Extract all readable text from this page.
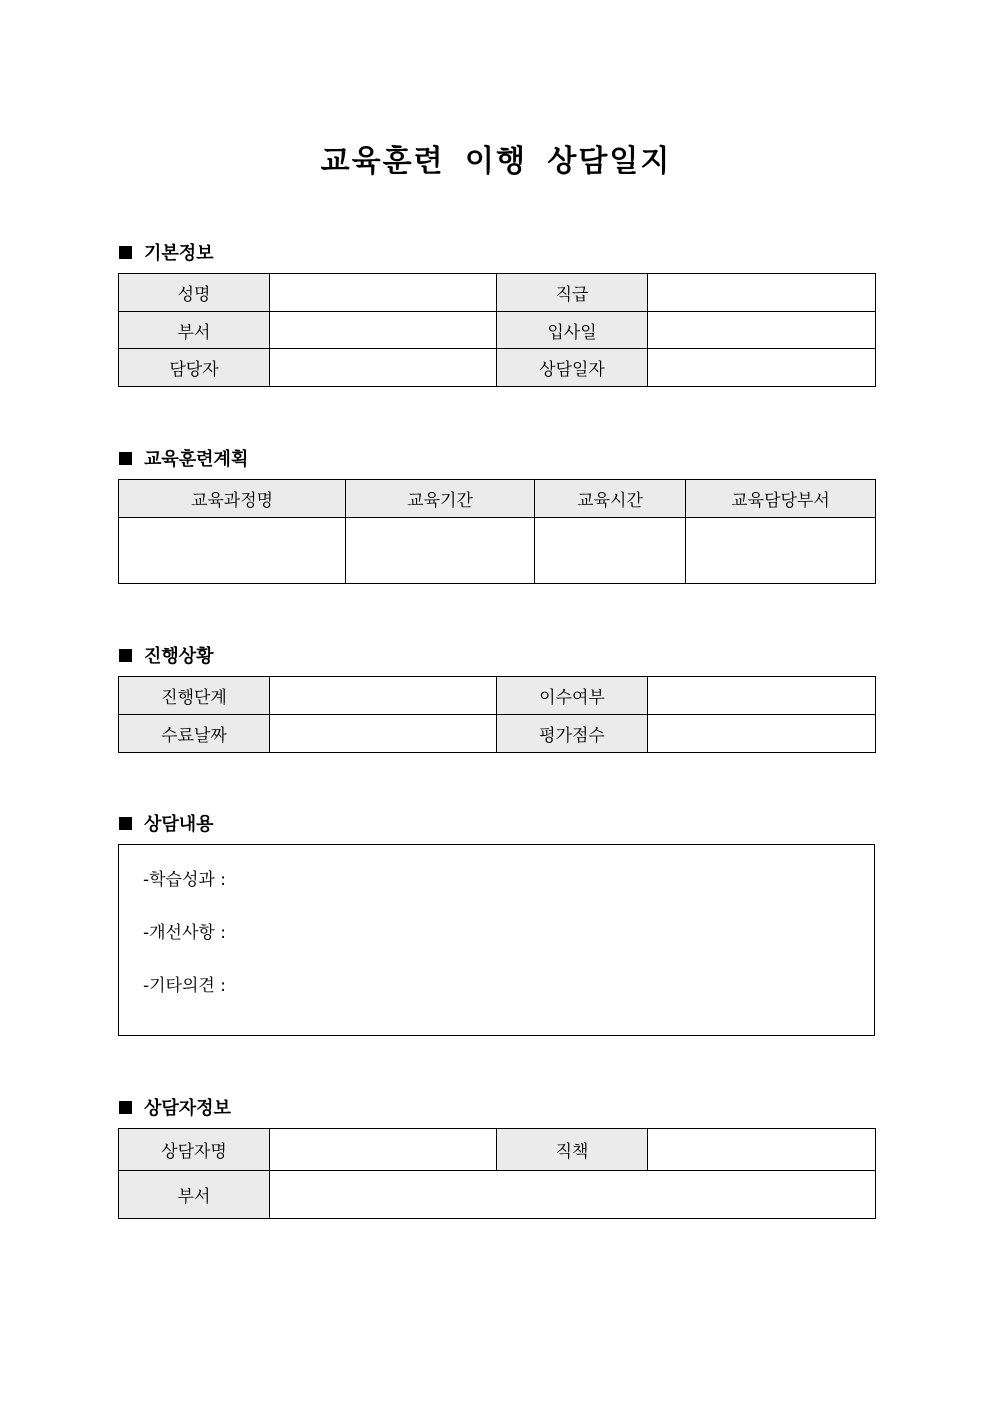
교육훈련 이행 상담일지
기본정보
성명		직급	
부서		입사일	
담당자		상담일자	
교육훈련계획
교육과정명	교육기간	교육시간	교육담당부서

진행상황
진행단계		이수여부	
수료날짜		평가점수	
상담내용
-학습성과 :
-개선사항 :
-기타의견 :
상담자정보
상담자명		직책	
부서			
